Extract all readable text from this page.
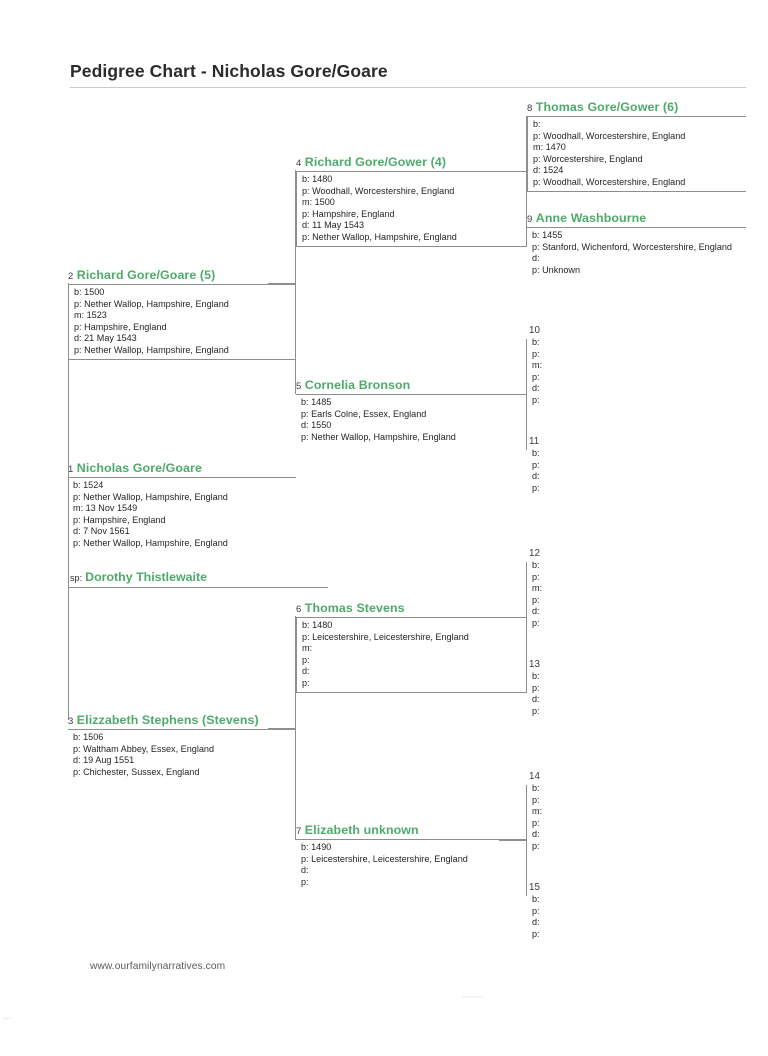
Pedigree Chart - Nicholas Gore/Goare
2 Richard Gore/Goare (5)
b: 1500
p: Nether Wallop, Hampshire, England
m: 1523
p: Hampshire, England
d: 21 May 1543
p: Nether Wallop, Hampshire, England
1 Nicholas Gore/Goare
b: 1524
p: Nether Wallop, Hampshire, England
m: 13 Nov 1549
p: Hampshire, England
d: 7 Nov 1561
p: Nether Wallop, Hampshire, England
sp: Dorothy Thistlewaite
3 Elizzabeth Stephens (Stevens)
b: 1506
p: Waltham Abbey, Essex, England
d: 19 Aug 1551
p: Chichester, Sussex, England
4 Richard Gore/Gower (4)
b: 1480
p: Woodhall, Worcestershire, England
m: 1500
p: Hampshire, England
d: 11 May 1543
p: Nether Wallop, Hampshire, England
5 Cornelia Bronson
b: 1485
p: Earls Colne, Essex, England
d: 1550
p: Nether Wallop, Hampshire, England
6 Thomas Stevens
b: 1480
p: Leicestershire, Leicestershire, England
m:
p:
d:
p:
7 Elizabeth unknown
b: 1490
p: Leicestershire, Leicestershire, England
d:
p:
8 Thomas Gore/Gower (6)
b:
p: Woodhall, Worcestershire, England
m: 1470
p: Worcestershire, England
d: 1524
p: Woodhall, Worcestershire, England
9 Anne Washbourne
b: 1455
p: Stanford, Wichenford, Worcestershire, England
d:
p: Unknown
10
b:
p:
m:
p:
d:
p:
11
b:
p:
d:
p:
12
b:
p:
m:
p:
d:
p:
13
b:
p:
d:
p:
14
b:
p:
m:
p:
d:
p:
15
b:
p:
d:
p:
www.ourfamilynarratives.com
